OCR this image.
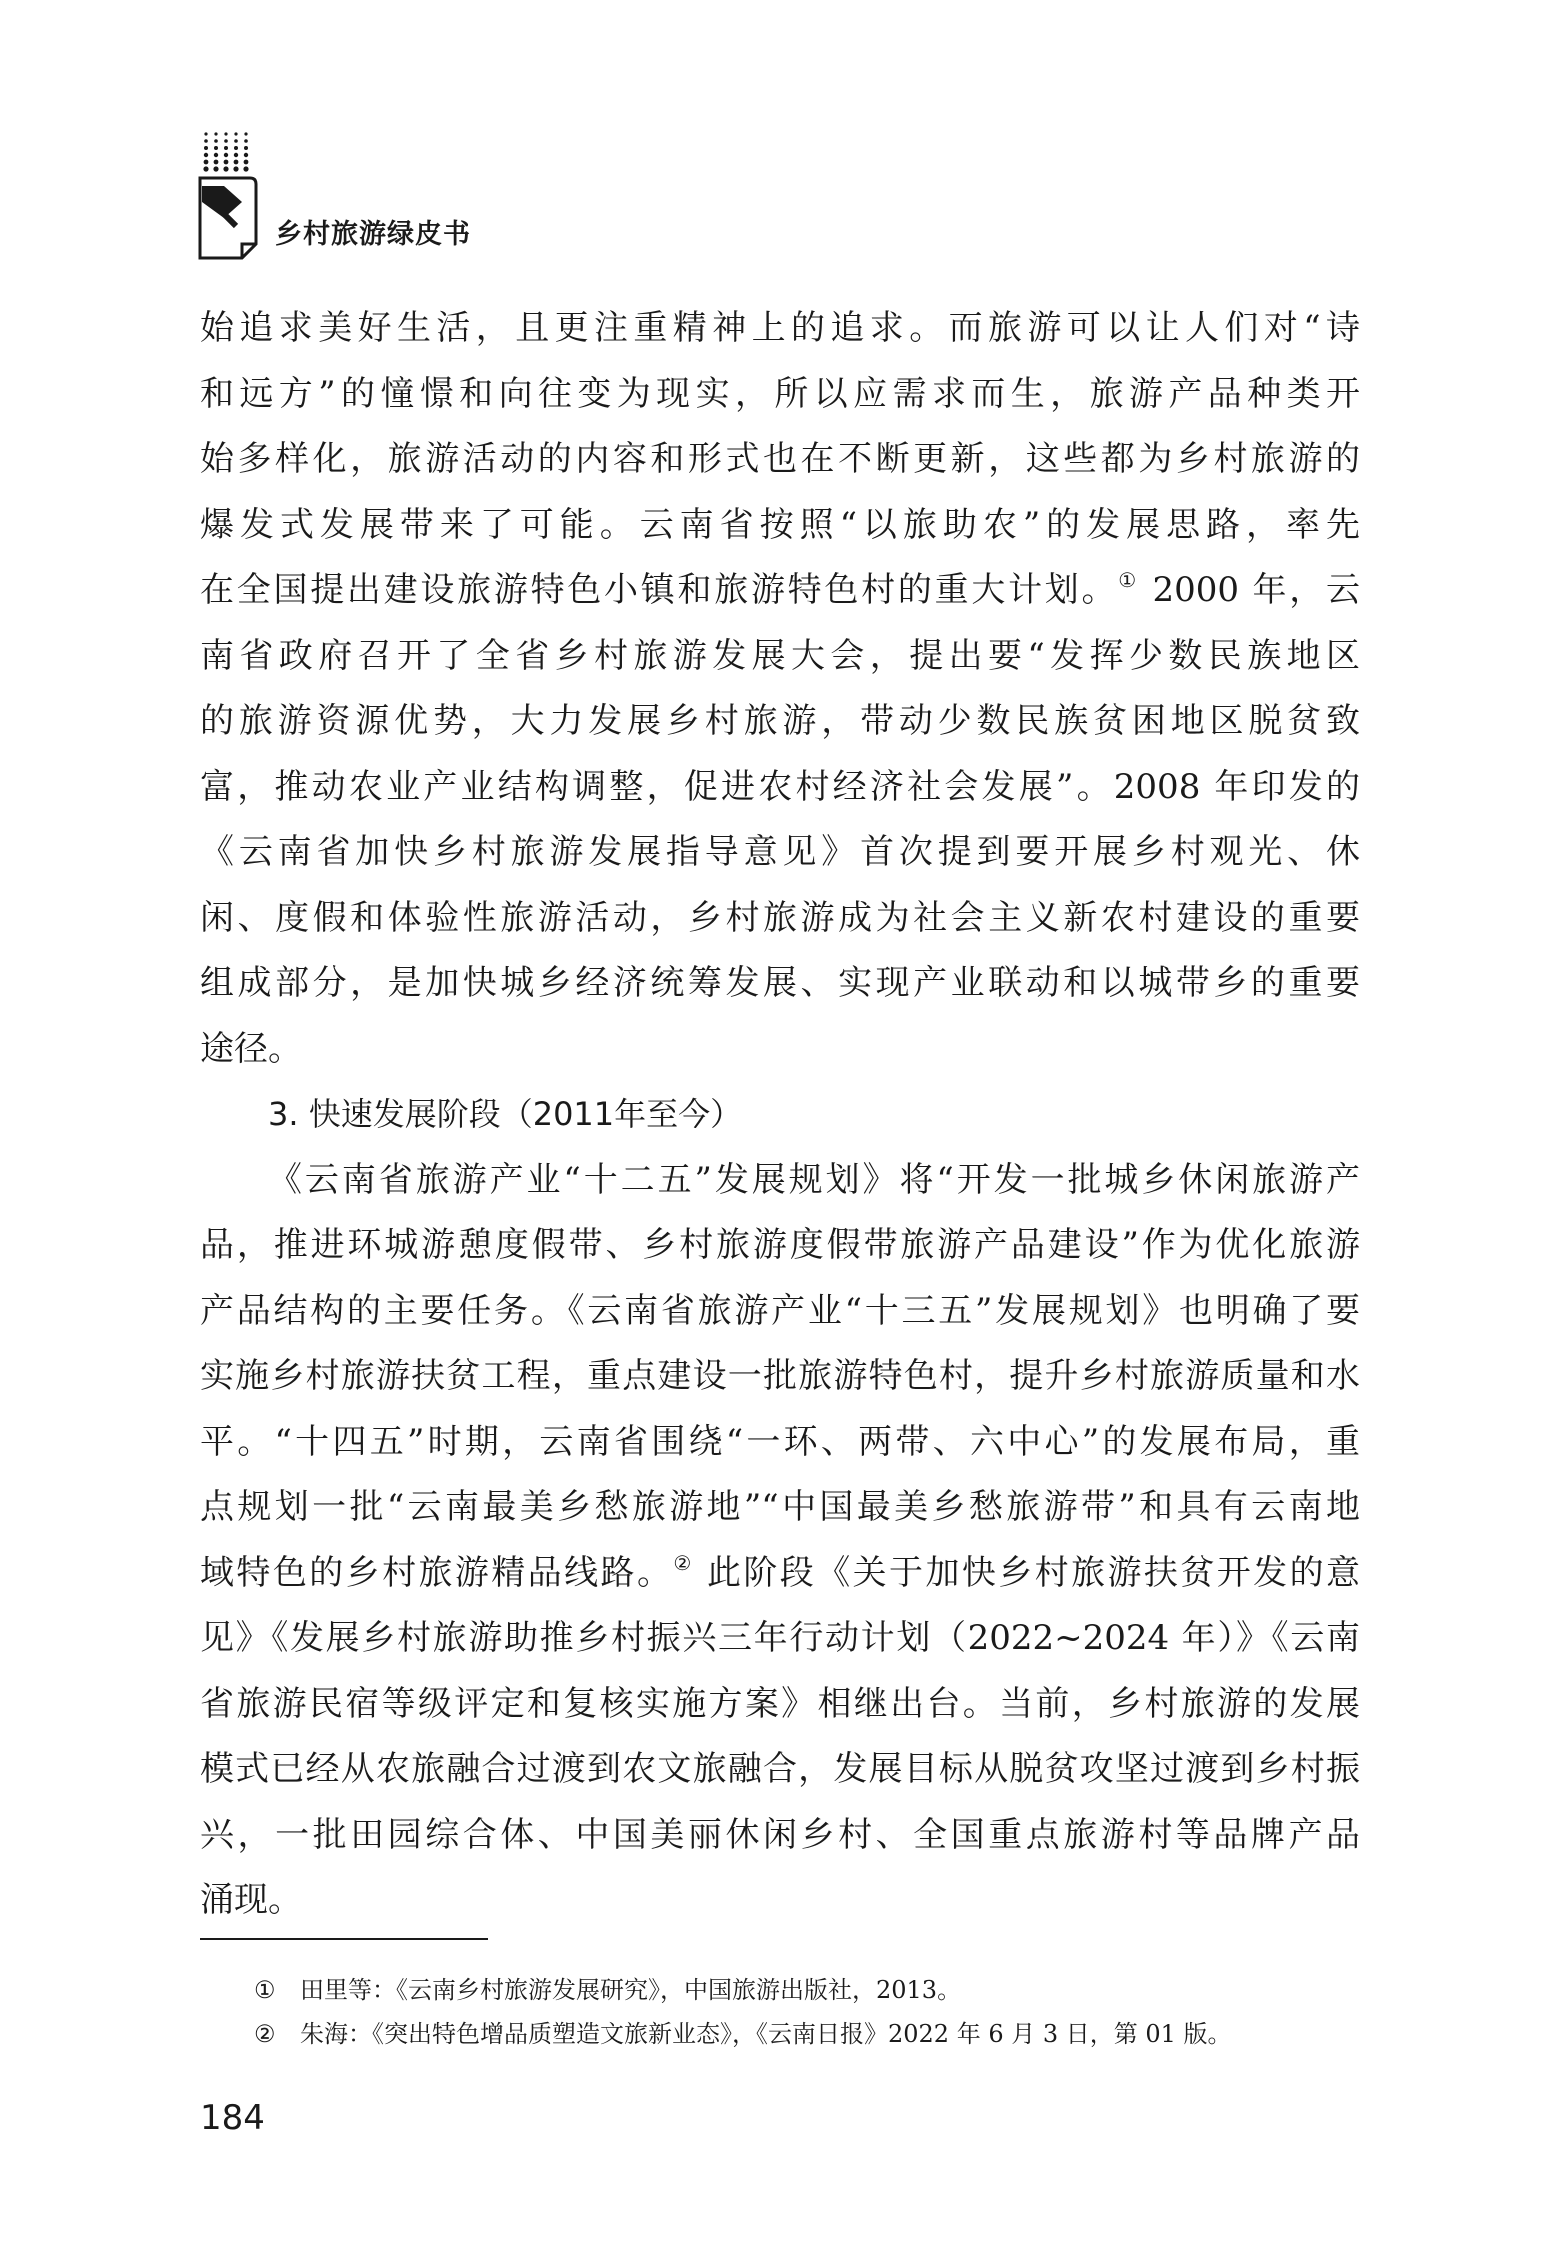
乡村旅游绿皮书
始追求美好生活，且更注重精神上的追求。而旅游可以让人们对“诗
和远方”的憧憬和向往变为现实，所以应需求而生，旅游产品种类开
始多样化，旅游活动的内容和形式也在不断更新，这些都为乡村旅游的
爆发式发展带来了可能。云南省按照“以旅助农”的发展思路，率先
在全国提出建设旅游特色小镇和旅游特色村的重大计划。① 2000 年，云
南省政府召开了全省乡村旅游发展大会，提出要“发挥少数民族地区
的旅游资源优势，大力发展乡村旅游，带动少数民族贫困地区脱贫致
富，推动农业产业结构调整，促进农村经济社会发展”。2008 年印发的
《云南省加快乡村旅游发展指导意见》首次提到要开展乡村观光、休
闲、度假和体验性旅游活动，乡村旅游成为社会主义新农村建设的重要
组成部分，是加快城乡经济统筹发展、实现产业联动和以城带乡的重要
途径。
3. 快速发展阶段（2011年至今）
《云南省旅游产业“十二五”发展规划》将“开发一批城乡休闲旅游产
品，推进环城游憩度假带、乡村旅游度假带旅游产品建设”作为优化旅游
产品结构的主要任务。《云南省旅游产业“十三五”发展规划》也明确了要
实施乡村旅游扶贫工程，重点建设一批旅游特色村，提升乡村旅游质量和水
平。“十四五”时期，云南省围绕“一环、两带、六中心”的发展布局，重
点规划一批“云南最美乡愁旅游地”“中国最美乡愁旅游带”和具有云南地
域特色的乡村旅游精品线路。② 此阶段《关于加快乡村旅游扶贫开发的意
见》《发展乡村旅游助推乡村振兴三年行动计划（2022~2024 年）》《云南
省旅游民宿等级评定和复核实施方案》相继出台。当前，乡村旅游的发展
模式已经从农旅融合过渡到农文旅融合，发展目标从脱贫攻坚过渡到乡村振
兴，一批田园综合体、中国美丽休闲乡村、全国重点旅游村等品牌产品
涌现。
① 田里等：《云南乡村旅游发展研究》，中国旅游出版社，2013。
② 朱海：《突出特色增品质塑造文旅新业态》，《云南日报》2022 年 6 月 3 日，第 01 版。
184
